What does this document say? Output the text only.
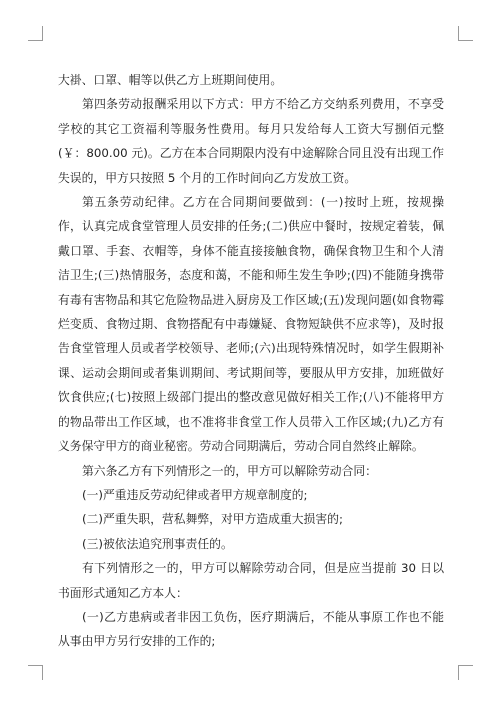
大褂、口罩、帽等以供乙方上班期间使用。

第四条劳动报酬采用以下方式：甲方不给乙方交纳系列费用，不享受学校的其它工资福利等服务性费用。每月只发给每人工资大写捌佰元整(￥：800.00 元)。乙方在本合同期限内没有中途解除合同且没有出现工作失误的，甲方只按照 5 个月的工作时间向乙方发放工资。

第五条劳动纪律。乙方在合同期间要做到：(一)按时上班，按规操作，认真完成食堂管理人员安排的任务;(二)供应中餐时，按规定着装，佩戴口罩、手套、衣帽等，身体不能直接接触食物，确保食物卫生和个人清洁卫生;(三)热情服务，态度和蔼，不能和师生发生争吵;(四)不能随身携带有毒有害物品和其它危险物品进入厨房及工作区域;(五)发现问题(如食物霉烂变质、食物过期、食物搭配有中毒嫌疑、食物短缺供不应求等)，及时报告食堂管理人员或者学校领导、老师;(六)出现特殊情况时，如学生假期补课、运动会期间或者集训期间、考试期间等，要服从甲方安排，加班做好饮食供应;(七)按照上级部门提出的整改意见做好相关工作;(八)不能将甲方的物品带出工作区域，也不准将非食堂工作人员带入工作区域;(九)乙方有义务保守甲方的商业秘密。劳动合同期满后，劳动合同自然终止解除。

第六条乙方有下列情形之一的，甲方可以解除劳动合同：

(一)严重违反劳动纪律或者甲方规章制度的;

(二)严重失职，营私舞弊，对甲方造成重大损害的;

(三)被依法追究刑事责任的。

有下列情形之一的，甲方可以解除劳动合同，但是应当提前 30 日以书面形式通知乙方本人：

(一)乙方患病或者非因工负伤，医疗期满后，不能从事原工作也不能从事由甲方另行安排的工作的;
